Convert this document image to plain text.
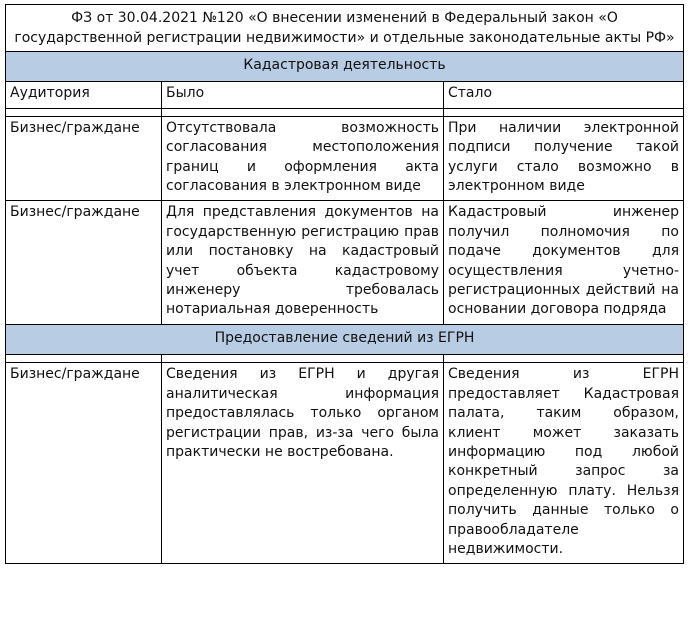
ФЗ от 30.04.2021 №120 «О внесении изменений в Федеральный закон «О государственной регистрации недвижимости» и отдельные законодательные акты РФ»		
Кадастровая деятельность		
Аудитория	Было	Стало

Бизнес/граждане	Отсутствовала возможность согласования местоположения границ и оформления акта согласования в электронном виде	При наличии электронной подписи получение такой услуги стало возможно в электронном виде
Бизнес/граждане	Для представления документов на государственную регистрацию прав или постановку на кадастровый учет объекта кадастровому инженеру требовалась нотариальная доверенность	Кадастровый инженер получил полномочия по подаче документов для осуществления учетно-регистрационных действий на основании договора подряда
Предоставление сведений из ЕГРН		

Бизнес/граждане	Сведения из ЕГРН и другая аналитическая информация предоставлялась только органом регистрации прав, из-за чего была практически не востребована.	Сведения из ЕГРН предоставляет Кадастровая палата, таким образом, клиент может заказать информацию под любой конкретный запрос за определенную плату. Нельзя получить данные только о правообладателе недвижимости.
